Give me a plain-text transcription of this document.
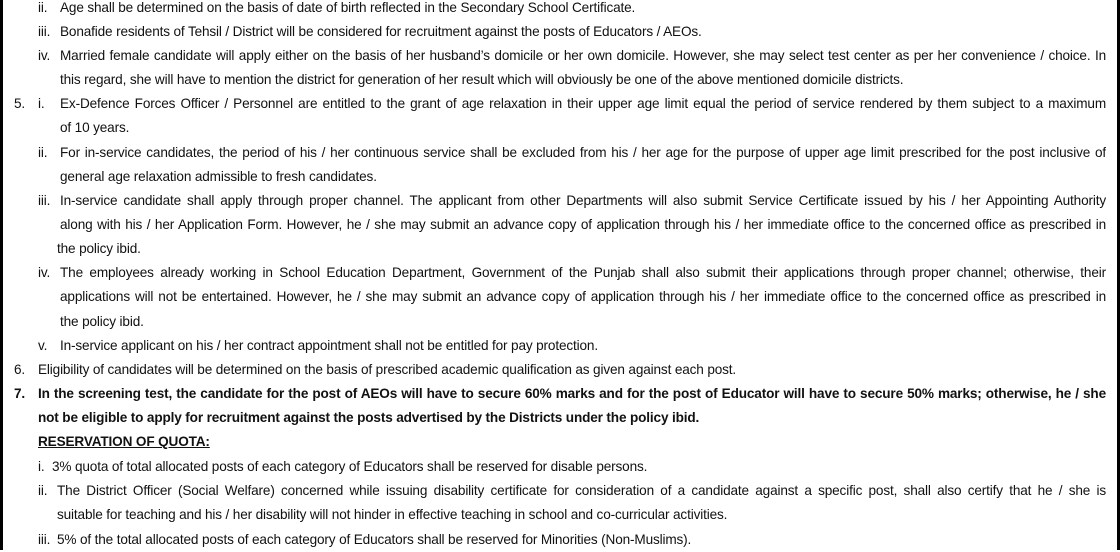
ii. Age shall be determined on the basis of date of birth reflected in the Secondary School Certificate.
iii. Bonafide residents of Tehsil / District will be considered for recruitment against the posts of Educators / AEOs.
iv. Married female candidate will apply either on the basis of her husband’s domicile or her own domicile. However, she may select test center as per her convenience / choice. In
this regard, she will have to mention the district for generation of her result which will obviously be one of the above mentioned domicile districts.
5. i. Ex-Defence Forces Officer / Personnel are entitled to the grant of age relaxation in their upper age limit equal the period of service rendered by them subject to a maximum
of 10 years.
ii. For in-service candidates, the period of his / her continuous service shall be excluded from his / her age for the purpose of upper age limit prescribed for the post inclusive of
general age relaxation admissible to fresh candidates.
iii. In-service candidate shall apply through proper channel. The applicant from other Departments will also submit Service Certificate issued by his / her Appointing Authority
along with his / her Application Form. However, he / she may submit an advance copy of application through his / her immediate office to the concerned office as prescribed in
the policy ibid.
iv. The employees already working in School Education Department, Government of the Punjab shall also submit their applications through proper channel; otherwise, their
applications will not be entertained. However, he / she may submit an advance copy of application through his / her immediate office to the concerned office as prescribed in
the policy ibid.
v. In-service applicant on his / her contract appointment shall not be entitled for pay protection.
6. Eligibility of candidates will be determined on the basis of prescribed academic qualification as given against each post.
7. In the screening test, the candidate for the post of AEOs will have to secure 60% marks and for the post of Educator will have to secure 50% marks; otherwise, he / she
not be eligible to apply for recruitment against the posts advertised by the Districts under the policy ibid.
RESERVATION OF QUOTA:
i. 3% quota of total allocated posts of each category of Educators shall be reserved for disable persons.
ii. The District Officer (Social Welfare) concerned while issuing disability certificate for consideration of a candidate against a specific post, shall also certify that he / she is
suitable for teaching and his / her disability will not hinder in effective teaching in school and co-curricular activities.
iii. 5% of the total allocated posts of each category of Educators shall be reserved for Minorities (Non-Muslims).
